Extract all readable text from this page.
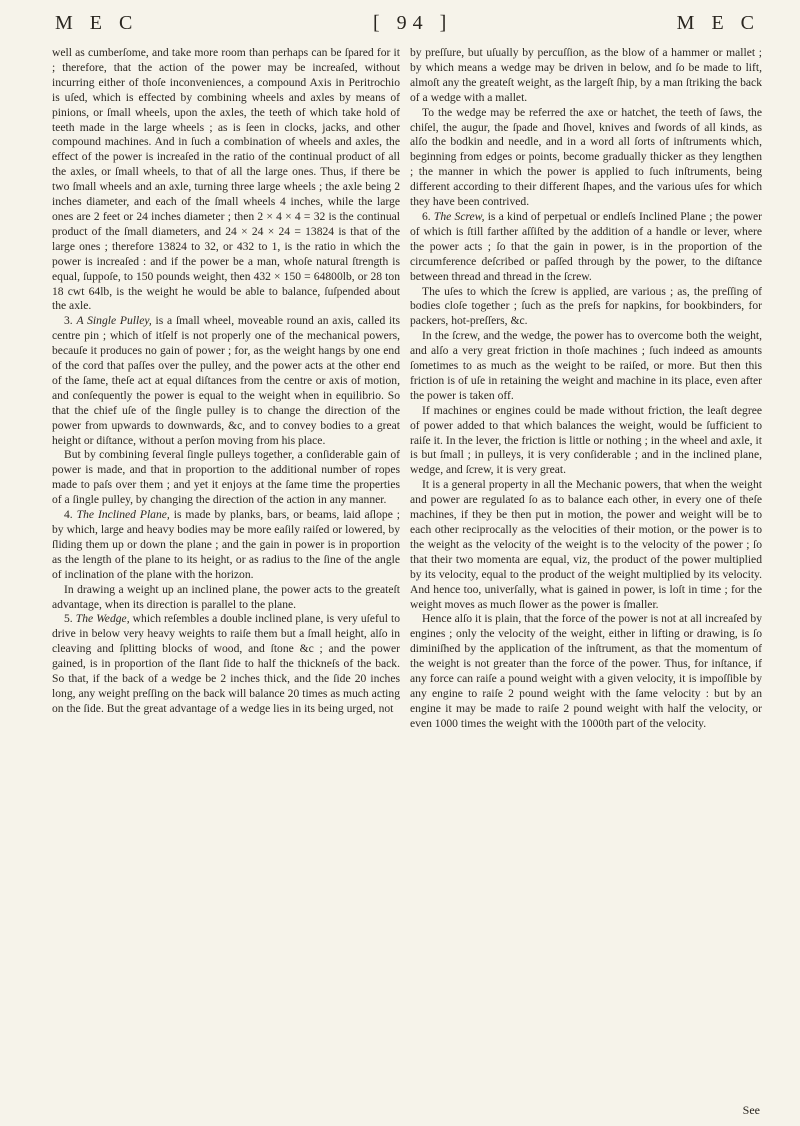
M E C	[ 94 ]	M E C

well as cumberſome, and take more room than perhaps can be ſpared for it ; therefore, that the action of the power may be increaſed, without incurring either of thoſe inconveniences, a compound Axis in Peritrochio is uſed, which is effected by combining wheels and axles by means of pinions, or ſmall wheels, upon the axles, the teeth of which take hold of teeth made in the large wheels ; as is ſeen in clocks, jacks, and other compound machines. And in ſuch a combination of wheels and axles, the effect of the power is increaſed in the ratio of the continual product of all the axles, or ſmall wheels, to that of all the large ones. Thus, if there be two ſmall wheels and an axle, turning three large wheels ; the axle being 2 inches diameter, and each of the ſmall wheels 4 inches, while the large ones are 2 feet or 24 inches diameter ; then 2 × 4 × 4 = 32 is the continual product of the ſmall diameters, and 24 × 24 × 24 = 13824 is that of the large ones ; therefore 13824 to 32, or 432 to 1, is the ratio in which the power is increaſed : and if the power be a man, whoſe natural ſtrength is equal, ſuppoſe, to 150 pounds weight, then 432 × 150 = 64800lb, or 28 ton 18 cwt 64lb, is the weight he would be able to balance, ſuſpended about the axle.

3. A Single Pulley, is a ſmall wheel, moveable round an axis, called its centre pin ; which of itſelf is not properly one of the mechanical powers, becauſe it produces no gain of power ; for, as the weight hangs by one end of the cord that paſſes over the pulley, and the power acts at the other end of the ſame, theſe act at equal diſtances from the centre or axis of motion, and conſequently the power is equal to the weight when in equilibrio. So that the chief uſe of the ſingle pulley is to change the direction of the power from upwards to downwards, &c, and to convey bodies to a great height or diſtance, without a perſon moving from his place.

But by combining ſeveral ſingle pulleys together, a conſiderable gain of power is made, and that in proportion to the additional number of ropes made to paſs over them ; and yet it enjoys at the ſame time the properties of a ſingle pulley, by changing the direction of the action in any manner.

4. The Inclined Plane, is made by planks, bars, or beams, laid aſlope ; by which, large and heavy bodies may be more eaſily raiſed or lowered, by ſliding them up or down the plane ; and the gain in power is in proportion as the length of the plane to its height, or as radius to the ſine of the angle of inclination of the plane with the horizon.

In drawing a weight up an inclined plane, the power acts to the greateſt advantage, when its direction is parallel to the plane.

5. The Wedge, which reſembles a double inclined plane, is very uſeful to drive in below very heavy weights to raiſe them but a ſmall height, alſo in cleaving and ſplitting blocks of wood, and ſtone &c ; and the power gained, is in proportion of the ſlant ſide to half the thickneſs of the back. So that, if the back of a wedge be 2 inches thick, and the ſide 20 inches long, any weight preſſing on the back will balance 20 times as much acting on the ſide. But the great advantage of a wedge lies in its being urged, not

by preſſure, but uſually by percuſſion, as the blow of a hammer or mallet ; by which means a wedge may be driven in below, and ſo be made to lift, almoſt any the greateſt weight, as the largeſt ſhip, by a man ſtriking the back of a wedge with a mallet.

To the wedge may be referred the axe or hatchet, the teeth of ſaws, the chiſel, the augur, the ſpade and ſhovel, knives and ſwords of all kinds, as alſo the bodkin and needle, and in a word all ſorts of inſtruments which, beginning from edges or points, become gradually thicker as they lengthen ; the manner in which the power is applied to ſuch inſtruments, being different according to their different ſhapes, and the various uſes for which they have been contrived.

6. The Screw, is a kind of perpetual or endleſs Inclined Plane ; the power of which is ſtill farther aſſiſted by the addition of a handle or lever, where the power acts ; ſo that the gain in power, is in the proportion of the circumference deſcribed or paſſed through by the power, to the diſtance between thread and thread in the ſcrew.

The uſes to which the ſcrew is applied, are various ; as, the preſſing of bodies cloſe together ; ſuch as the preſs for napkins, for bookbinders, for packers, hot-preſſers, &c.

In the ſcrew, and the wedge, the power has to overcome both the weight, and alſo a very great friction in thoſe machines ; ſuch indeed as amounts ſometimes to as much as the weight to be raiſed, or more. But then this friction is of uſe in retaining the weight and machine in its place, even after the power is taken off.

If machines or engines could be made without friction, the leaſt degree of power added to that which balances the weight, would be ſufficient to raiſe it. In the lever, the friction is little or nothing ; in the wheel and axle, it is but ſmall ; in pulleys, it is very conſiderable ; and in the inclined plane, wedge, and ſcrew, it is very great.

It is a general property in all the Mechanic powers, that when the weight and power are regulated ſo as to balance each other, in every one of theſe machines, if they be then put in motion, the power and weight will be to each other reciprocally as the velocities of their motion, or the power is to the weight as the velocity of the weight is to the velocity of the power ; ſo that their two momenta are equal, viz, the product of the power multiplied by its velocity, equal to the product of the weight multiplied by its velocity. And hence too, univerſally, what is gained in power, is loſt in time ; for the weight moves as much ſlower as the power is ſmaller.

Hence alſo it is plain, that the force of the power is not at all increaſed by engines ; only the velocity of the weight, either in lifting or drawing, is ſo diminiſhed by the application of the inſtrument, as that the momentum of the weight is not greater than the force of the power. Thus, for inſtance, if any force can raiſe a pound weight with a given velocity, it is impoſſible by any engine to raiſe 2 pound weight with the ſame velocity : but by an engine it may be made to raiſe 2 pound weight with half the velocity, or even 1000 times the weight with the 1000th part of the velocity.

See
